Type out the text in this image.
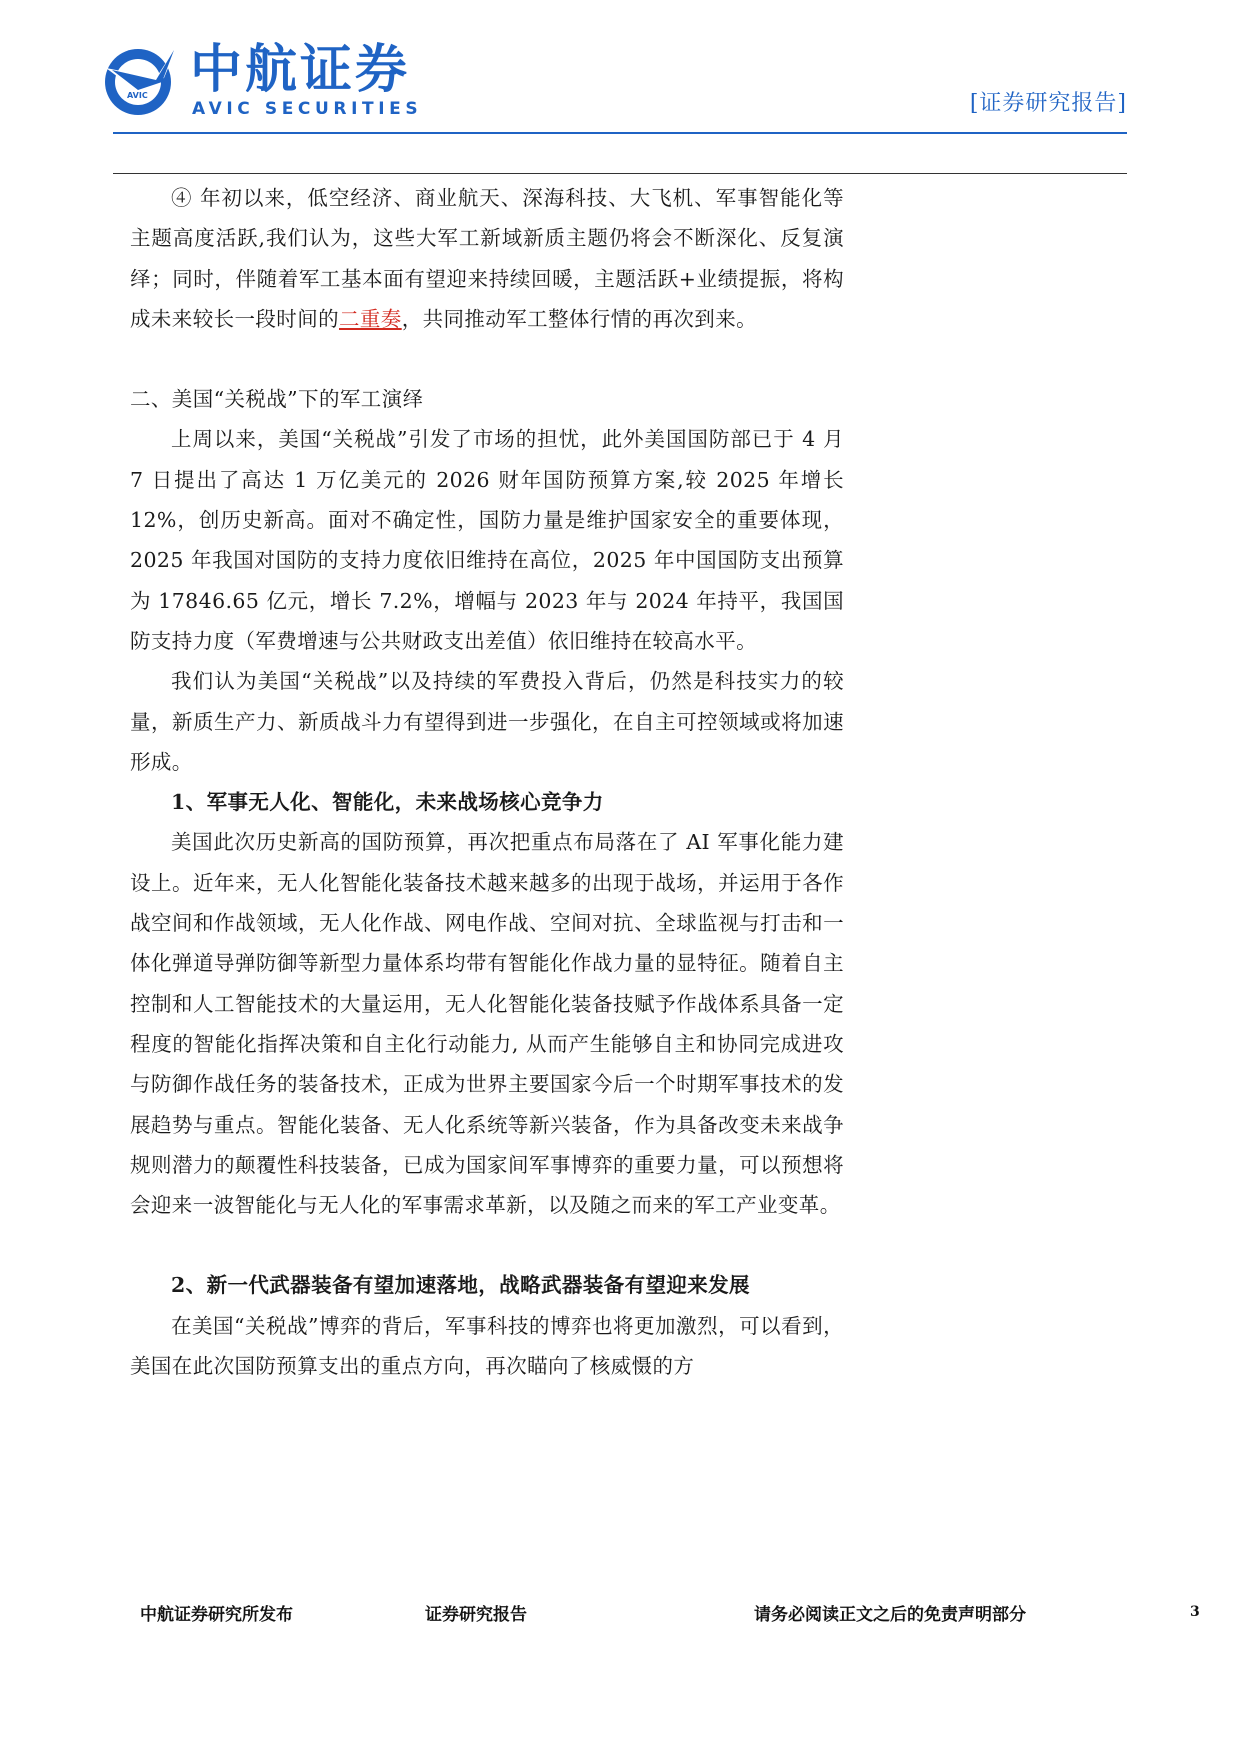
AVIC 中航证券
AVIC SECURITIES	[证券研究报告]

④ 年初以来，低空经济、商业航天、深海科技、大飞机、军事智能化等主题高度活跃,我们认为，这些大军工新域新质主题仍将会不断深化、反复演绎；同时，伴随着军工基本面有望迎来持续回暖，主题活跃+业绩提振，将构成未来较长一段时间的二重奏，共同推动军工整体行情的再次到来。

二、美国“关税战”下的军工演绎

上周以来，美国“关税战”引发了市场的担忧，此外美国国防部已于 4 月 7 日提出了高达 1 万亿美元的 2026 财年国防预算方案,较 2025 年增长 12%，创历史新高。面对不确定性，国防力量是维护国家安全的重要体现，2025 年我国对国防的支持力度依旧维持在高位，2025 年中国国防支出预算为 17846.65 亿元，增长 7.2%，增幅与 2023 年与 2024 年持平，我国国防支持力度（军费增速与公共财政支出差值）依旧维持在较高水平。

我们认为美国“关税战”以及持续的军费投入背后，仍然是科技实力的较量，新质生产力、新质战斗力有望得到进一步强化，在自主可控领域或将加速形成。

1、军事无人化、智能化，未来战场核心竞争力

美国此次历史新高的国防预算，再次把重点布局落在了 AI 军事化能力建设上。近年来，无人化智能化装备技术越来越多的出现于战场，并运用于各作战空间和作战领域，无人化作战、网电作战、空间对抗、全球监视与打击和一体化弹道导弹防御等新型力量体系均带有智能化作战力量的显特征。随着自主控制和人工智能技术的大量运用，无人化智能化装备技赋予作战体系具备一定程度的智能化指挥决策和自主化行动能力, 从而产生能够自主和协同完成进攻与防御作战任务的装备技术，正成为世界主要国家今后一个时期军事技术的发展趋势与重点。智能化装备、无人化系统等新兴装备，作为具备改变未来战争规则潜力的颠覆性科技装备，已成为国家间军事博弈的重要力量，可以预想将会迎来一波智能化与无人化的军事需求革新，以及随之而来的军工产业变革。

2、新一代武器装备有望加速落地，战略武器装备有望迎来发展

在美国“关税战”博弈的背后，军事科技的博弈也将更加激烈，可以看到，美国在此次国防预算支出的重点方向，再次瞄向了核威慑的方

中航证券研究所发布	证券研究报告	请务必阅读正文之后的免责声明部分	3
